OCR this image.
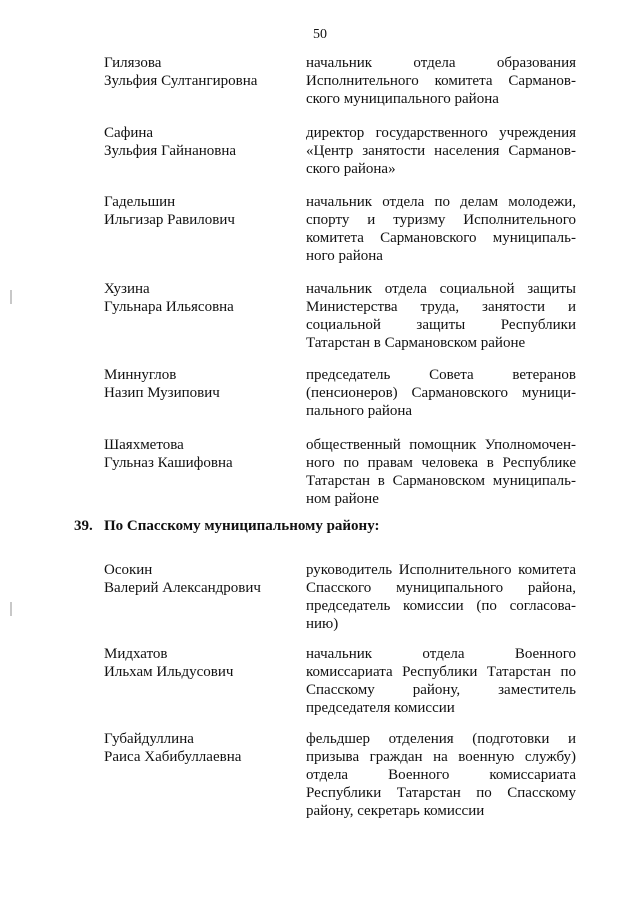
50
Гилязова
Зульфия Султангировна
начальник отдела образования
Исполнительного комитета Сарманов-
ского муниципального района
Сафина
Зульфия Гайнановна
директор государственного учреждения
«Центр занятости населения Сарманов-
ского района»
Гадельшин
Ильгизар Равилович
начальник отдела по делам молодежи,
спорту и туризму Исполнительного
комитета Сармановского муниципаль-
ного района
Хузина
Гульнара Ильясовна
начальник отдела социальной защиты
Министерства труда, занятости и
социальной защиты Республики
Татарстан в Сармановском районе
Миннуглов
Назип Музипович
председатель Совета ветеранов
(пенсионеров) Сармановского муници-
пального района
Шаяхметова
Гульназ Кашифовна
общественный помощник Уполномочен-
ного по правам человека в Республике
Татарстан в Сармановском муниципаль-
ном районе
39. По Спасскому муниципальному району:
Осокин
Валерий Александрович
руководитель Исполнительного комитета
Спасского муниципального района,
председатель комиссии (по согласова-
нию)
Мидхатов
Ильхам Ильдусович
начальник отдела Военного
комиссариата Республики Татарстан по
Спасскому району, заместитель
председателя комиссии
Губайдуллина
Раиса Хабибуллаевна
фельдшер отделения (подготовки и
призыва граждан на военную службу)
отдела Военного комиссариата
Республики Татарстан по Спасскому
району, секретарь комиссии
